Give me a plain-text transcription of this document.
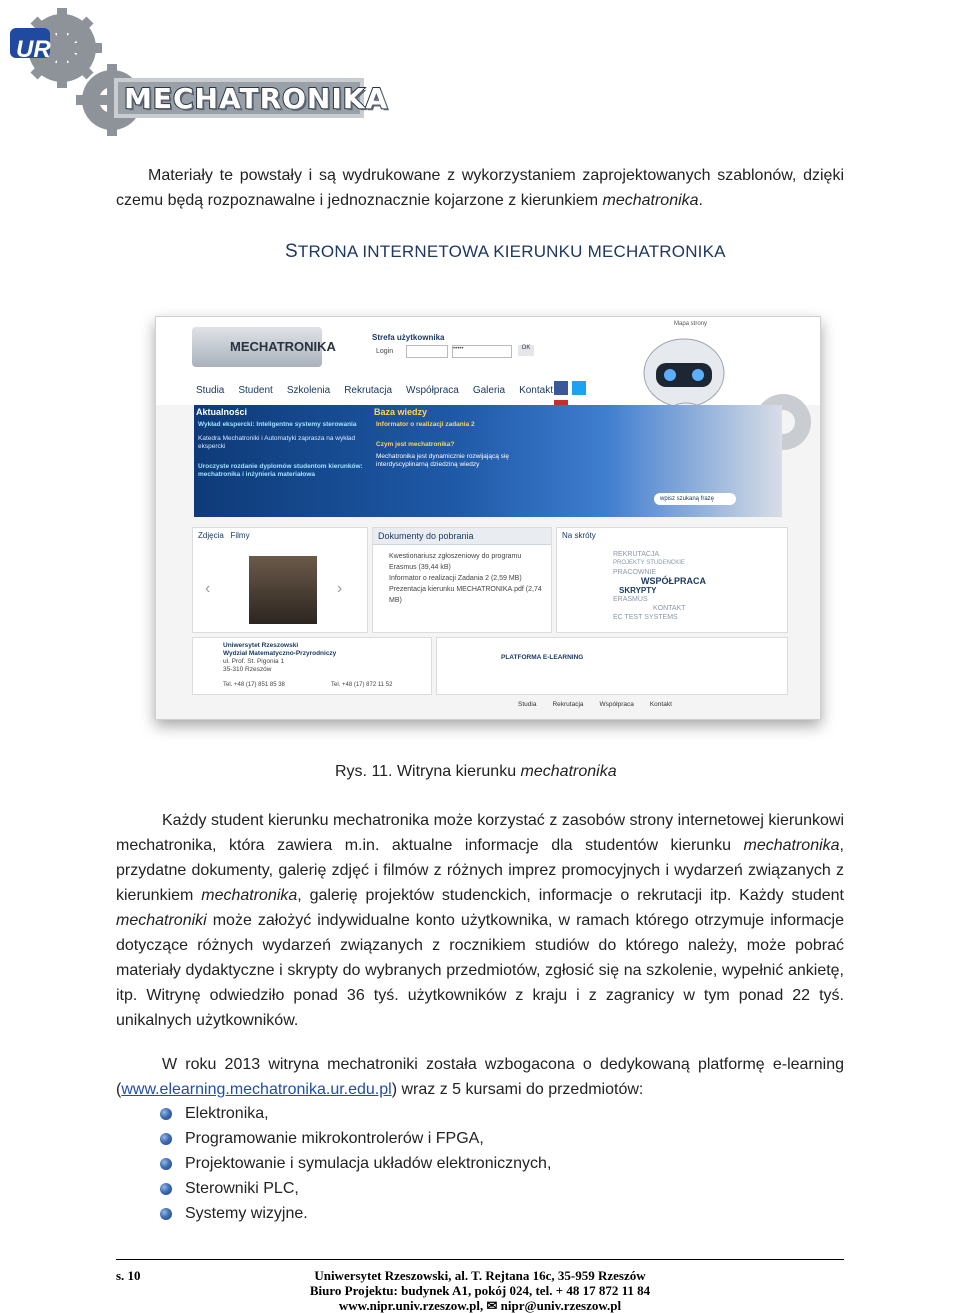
UR
MECHATRONIKA

Materiały te powstały i są wydrukowane z wykorzystaniem zaprojektowanych szablonów, dzięki czemu będą rozpoznawalne i jednoznacznie kojarzone z kierunkiem mechatronika.

STRONA INTERNETOWA KIERUNKU MECHATRONIKA
MECHATRONIKA
Strefa użytkownika
Login	•••••	OK
Mapa strony
Studia Student Szkolenia Rekrutacja Współpraca Galeria Kontakt

Aktualności
Wykład ekspercki: Inteligentne systemy sterowania
Katedra Mechatroniki i Automatyki zaprasza na wykład ekspercki
Uroczyste rozdanie dyplomów studentom kierunków: mechatronika i inżynieria materiałowa
Baza wiedzy
Informator o realizacji zadania 2
Czym jest mechatronika?
Mechatronika jest dynamicznie rozwijającą się interdyscyplinarną dziedziną wiedzy
wpisz szukaną frazę
Zdjęcia Filmy
‹	›
Dokumenty do pobrania
Kwestionariusz zgłoszeniowy do programu Erasmus (39,44 kB)
Informator o realizacji Zadania 2 (2,59 MB)
Prezentacja kierunku MECHATRONIKA.pdf (2,74 MB)
Na skróty
REKRUTACJA
PROJEKTY STUDENCKIE
PRACOWNIE
WSPÓŁPRACA
SKRYPTY
ERASMUS
KONTAKT
EC TEST SYSTEMS
Uniwersytet Rzeszowski
Wydział Matematyczno-Przyrodniczy
ul. Prof. St. Pigonia 1
35-310 Rzeszów
Tel. +48 (17) 851 85 38	Tel. +48 (17) 872 11 52
PLATFORMA E-LEARNING
Studia Rekrutacja Współpraca Kontakt
Rys. 11. Witryna kierunku mechatronika

Każdy student kierunku mechatronika może korzystać z zasobów strony internetowej kierunkowi mechatronika, która zawiera m.in. aktualne informacje dla studentów kierunku mechatronika, przydatne dokumenty, galerię zdjęć i filmów z różnych imprez promocyjnych i wydarzeń związanych z kierunkiem mechatronika, galerię projektów studenckich, informacje o rekrutacji itp. Każdy student mechatroniki może założyć indywidualne konto użytkownika, w ramach którego otrzymuje informacje dotyczące różnych wydarzeń związanych z rocznikiem studiów do którego należy, może pobrać materiały dydaktyczne i skrypty do wybranych przedmiotów, zgłosić się na szkolenie, wypełnić ankietę, itp. Witrynę odwiedziło ponad 36 tyś. użytkowników z kraju i z zagranicy w tym ponad 22 tyś. unikalnych użytkowników.

W roku 2013 witryna mechatroniki została wzbogacona o dedykowaną platformę e-learning (www.elearning.mechatronika.ur.edu.pl) wraz z 5 kursami do przedmiotów:

Elektronika,
Programowanie mikrokontrolerów i FPGA,
Projektowanie i symulacja układów elektronicznych,
Sterowniki PLC,
Systemy wizyjne.
s. 10	Uniwersytet Rzeszowski, al. T. Rejtana 16c, 35-959 Rzeszów
Biuro Projektu: budynek A1, pokój 024, tel. + 48 17 872 11 84
www.nipr.univ.rzeszow.pl, ✉ nipr@univ.rzeszow.pl
